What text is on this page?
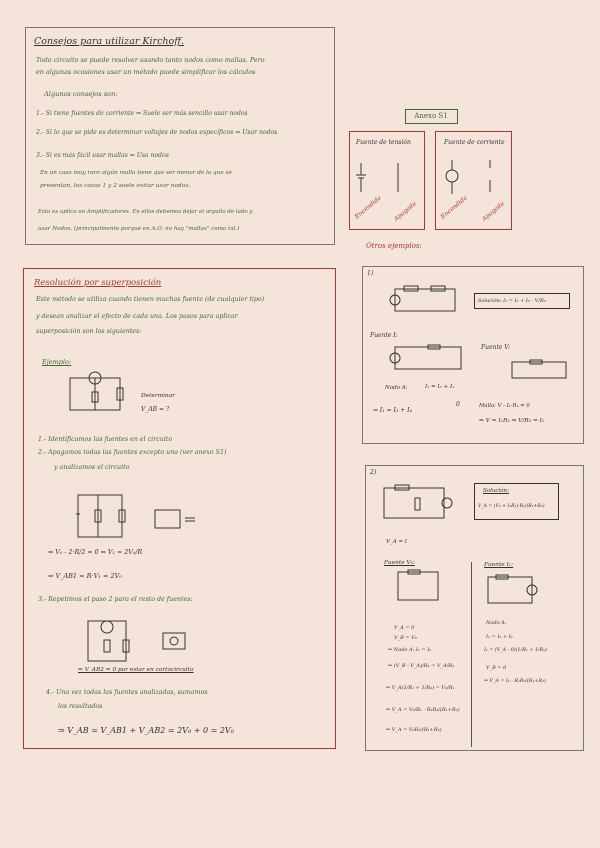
Consejos para utilizar Kirchoff.
Todo circuito se puede resolver usando tanto nodos como mallas. Pero
en algunas ocasiones usar un método puede simplificar los cálculos
Algunos consejos son:
1.- Si tiene fuentes de corriente ⇒ Suele ser más sencillo usar nodos
2.- Si lo que se pide es determinar voltajes de nodos específicos ⇒ Usar nodos
3.- Si es más fácil usar mallas ⇒ Usa nodos
En un caso muy raro algún malla tiene que ser menor de lo que se
presentan, los casos 1 y 2 suele evitar usar nodos.
Esto es aplica en Amplificadores. En ellos debemos dejar el orgullo de lado y
usar Nodos. (principalmente porque en A.O. no hay "mallas" como tal.)
Anexo S1
Fuente de tensión
Encendida Apagada
Fuente de corriente
Encendida Apagada
Otros ejemplos:
Resolución por superposición
Este método se utiliza cuando tienen muchas fuente (de cualquier tipo)
y desean analizar el efecto de cada una. Los pasos para aplicar
superposición son los siguientes:
Ejemplo:
Determinar
V_AB = ?
1.- Identificamos las fuentes en el circuito
2.- Apagamos todas las fuentes excepto una (ver anexo S1)
y analizamos el circuito
⇒ V₀ - 2·R/2 = 0 ⇒ V₁ = 2V₀/R
⇒ V_AB1 = R·V₁ = 2V₀
3.- Repetimos el paso 2 para el resto de fuentes:
⇒ V_AB2 = 0 por estar en cortocircuito
4.- Una vez todas las fuentes analizadas, sumamos
los resultados
⇒ V_AB = V_AB1 + V_AB2 = 2V₀ + 0 = 2V₀
1)
Solución: I₁ = I₁ + I₂ - V/R₃
Fuente I:
Fuente V:
Nodo A:	I₁ = I₃ + I₁
0
⇒ I₁ = I₃ + I₄
Malla: V - I₁·R₃ = 0
⇒ V = I₁R₃ ⇒ V/R₃ = I₁
2)
Solución:
V_A = (V₀ + I₁R₁)·R₁/(R₁+R₂)
V_A = I
Fuente V₀:	Fuente I₁:
V_A = 0
V_B = V₀
⇒ Nodo A: I₁ = I₂
⇒ (V_B - V_A)/R₁ = V_A/R₂
⇒ V_A(1/R₁ + 1/R₂) = V₀/R₁
⇒ V_A = V₀/R₁ · R₁R₂/(R₁+R₂)
⇒ V_A = V₀R₂/(R₁+R₂)
Nodo A:
I₁ = I₂ + I₃
I₁ = (V_A - 0)(1/R₁ + 1/R₂)
V_B = 0
⇒ V_A = I₁ · R₁R₂/(R₁+R₂)
